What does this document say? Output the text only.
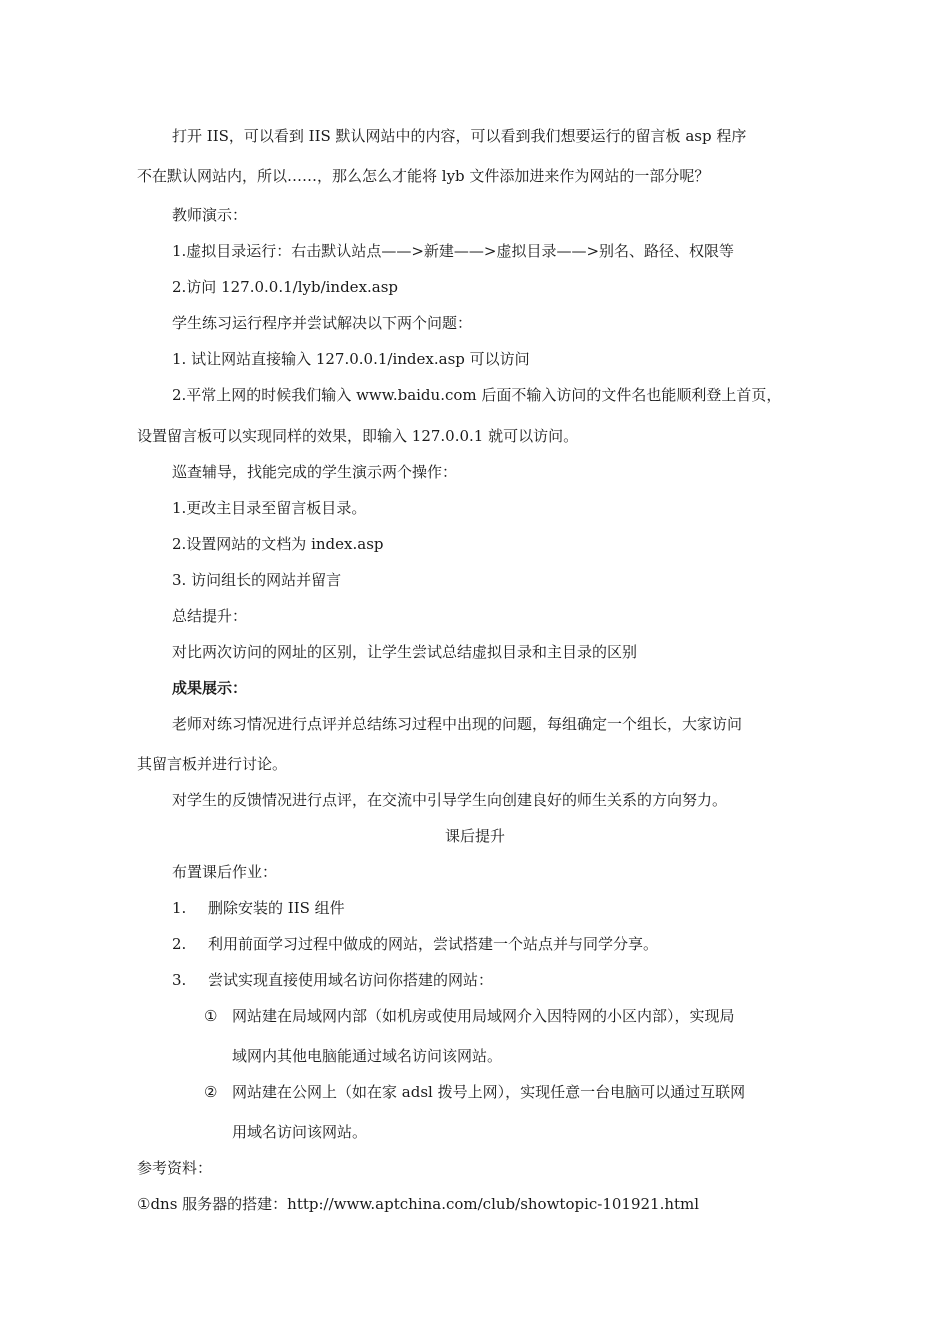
打开 IIS，可以看到 IIS 默认网站中的内容，可以看到我们想要运行的留言板 asp 程序
不在默认网站内，所以……，那么怎么才能将 lyb 文件添加进来作为网站的一部分呢？
教师演示：
1.虚拟目录运行：右击默认站点——>新建——>虚拟目录——>别名、路径、权限等
2.访问 127.0.0.1/lyb/index.asp
学生练习运行程序并尝试解决以下两个问题：
1. 试让网站直接输入 127.0.0.1/index.asp 可以访问
2.平常上网的时候我们输入 www.baidu.com 后面不输入访问的文件名也能顺利登上首页，
设置留言板可以实现同样的效果，即输入 127.0.0.1 就可以访问。
巡查辅导，找能完成的学生演示两个操作：
1.更改主目录至留言板目录。
2.设置网站的文档为 index.asp
3. 访问组长的网站并留言
总结提升：
对比两次访问的网址的区别，让学生尝试总结虚拟目录和主目录的区别
成果展示：
老师对练习情况进行点评并总结练习过程中出现的问题，每组确定一个组长，大家访问
其留言板并进行讨论。
对学生的反馈情况进行点评，在交流中引导学生向创建良好的师生关系的方向努力。
课后提升
布置课后作业：
1. 删除安装的 IIS 组件
2. 利用前面学习过程中做成的网站，尝试搭建一个站点并与同学分享。
3. 尝试实现直接使用域名访问你搭建的网站：
① 网站建在局域网内部（如机房或使用局域网介入因特网的小区内部），实现局
域网内其他电脑能通过域名访问该网站。
② 网站建在公网上（如在家 adsl 拨号上网），实现任意一台电脑可以通过互联网
用域名访问该网站。
参考资料：
①dns 服务器的搭建：http://www.aptchina.com/club/showtopic-101921.html
